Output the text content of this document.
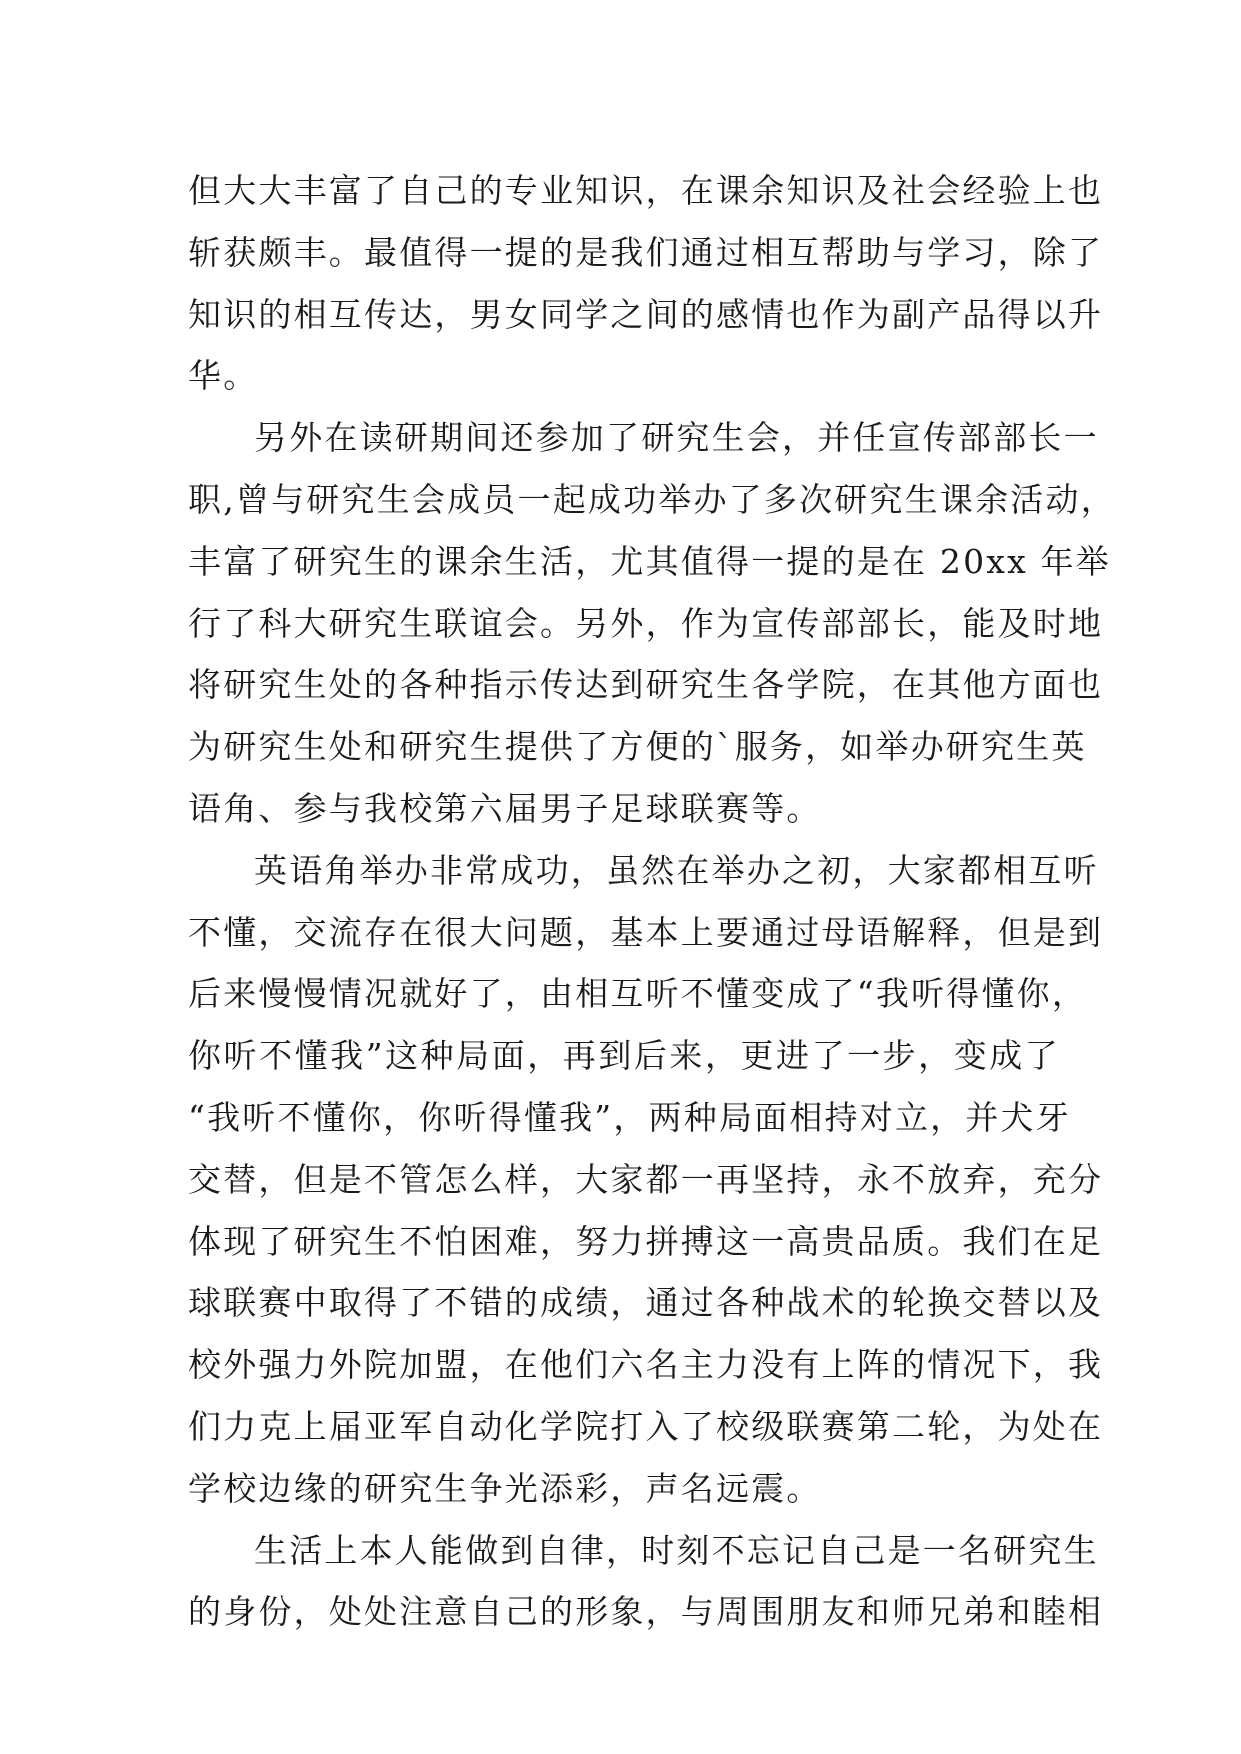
但大大丰富了自己的专业知识，在课余知识及社会经验上也
斩获颇丰。最值得一提的是我们通过相互帮助与学习，除了
知识的相互传达，男女同学之间的感情也作为副产品得以升
华。
另外在读研期间还参加了研究生会，并任宣传部部长一
职,曾与研究生会成员一起成功举办了多次研究生课余活动，
丰富了研究生的课余生活，尤其值得一提的是在 20xx 年举
行了科大研究生联谊会。另外，作为宣传部部长，能及时地
将研究生处的各种指示传达到研究生各学院，在其他方面也
为研究生处和研究生提供了方便的`服务，如举办研究生英
语角、参与我校第六届男子足球联赛等。
英语角举办非常成功，虽然在举办之初，大家都相互听
不懂，交流存在很大问题，基本上要通过母语解释，但是到
后来慢慢情况就好了，由相互听不懂变成了“我听得懂你，
你听不懂我”这种局面，再到后来，更进了一步，变成了
“我听不懂你，你听得懂我”，两种局面相持对立，并犬牙
交替，但是不管怎么样，大家都一再坚持，永不放弃，充分
体现了研究生不怕困难，努力拼搏这一高贵品质。我们在足
球联赛中取得了不错的成绩，通过各种战术的轮换交替以及
校外强力外院加盟，在他们六名主力没有上阵的情况下，我
们力克上届亚军自动化学院打入了校级联赛第二轮，为处在
学校边缘的研究生争光添彩，声名远震。
生活上本人能做到自律，时刻不忘记自己是一名研究生
的身份，处处注意自己的形象，与周围朋友和师兄弟和睦相
